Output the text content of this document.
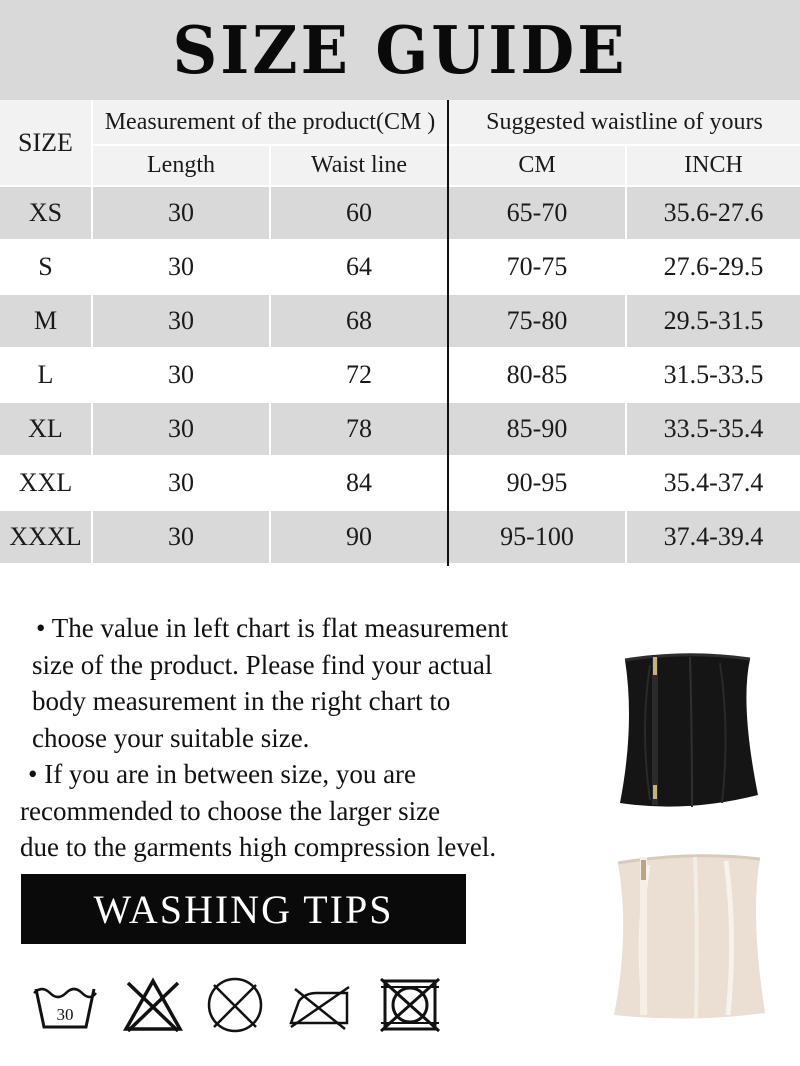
SIZE GUIDE
SIZE
Measurement of the product(CM )	Suggested waistline of yours
Length	Waist line	CM	INCH
XS	30	60	65-70	35.6-27.6
S	30	64	70-75	27.6-29.5
M	30	68	75-80	29.5-31.5
L	30	72	80-85	31.5-33.5
XL	30	78	85-90	33.5-35.4
XXL	30	84	90-95	35.4-37.4
XXXL	30	90	95-100	37.4-39.4

• The value in left chart is flat measurement

size of the product. Please find your actual

body measurement in the right chart to

choose your suitable size.

• If you are in between size, you are

recommended to choose the larger size

due to the garments high compression level.

WASHING TIPS
30
